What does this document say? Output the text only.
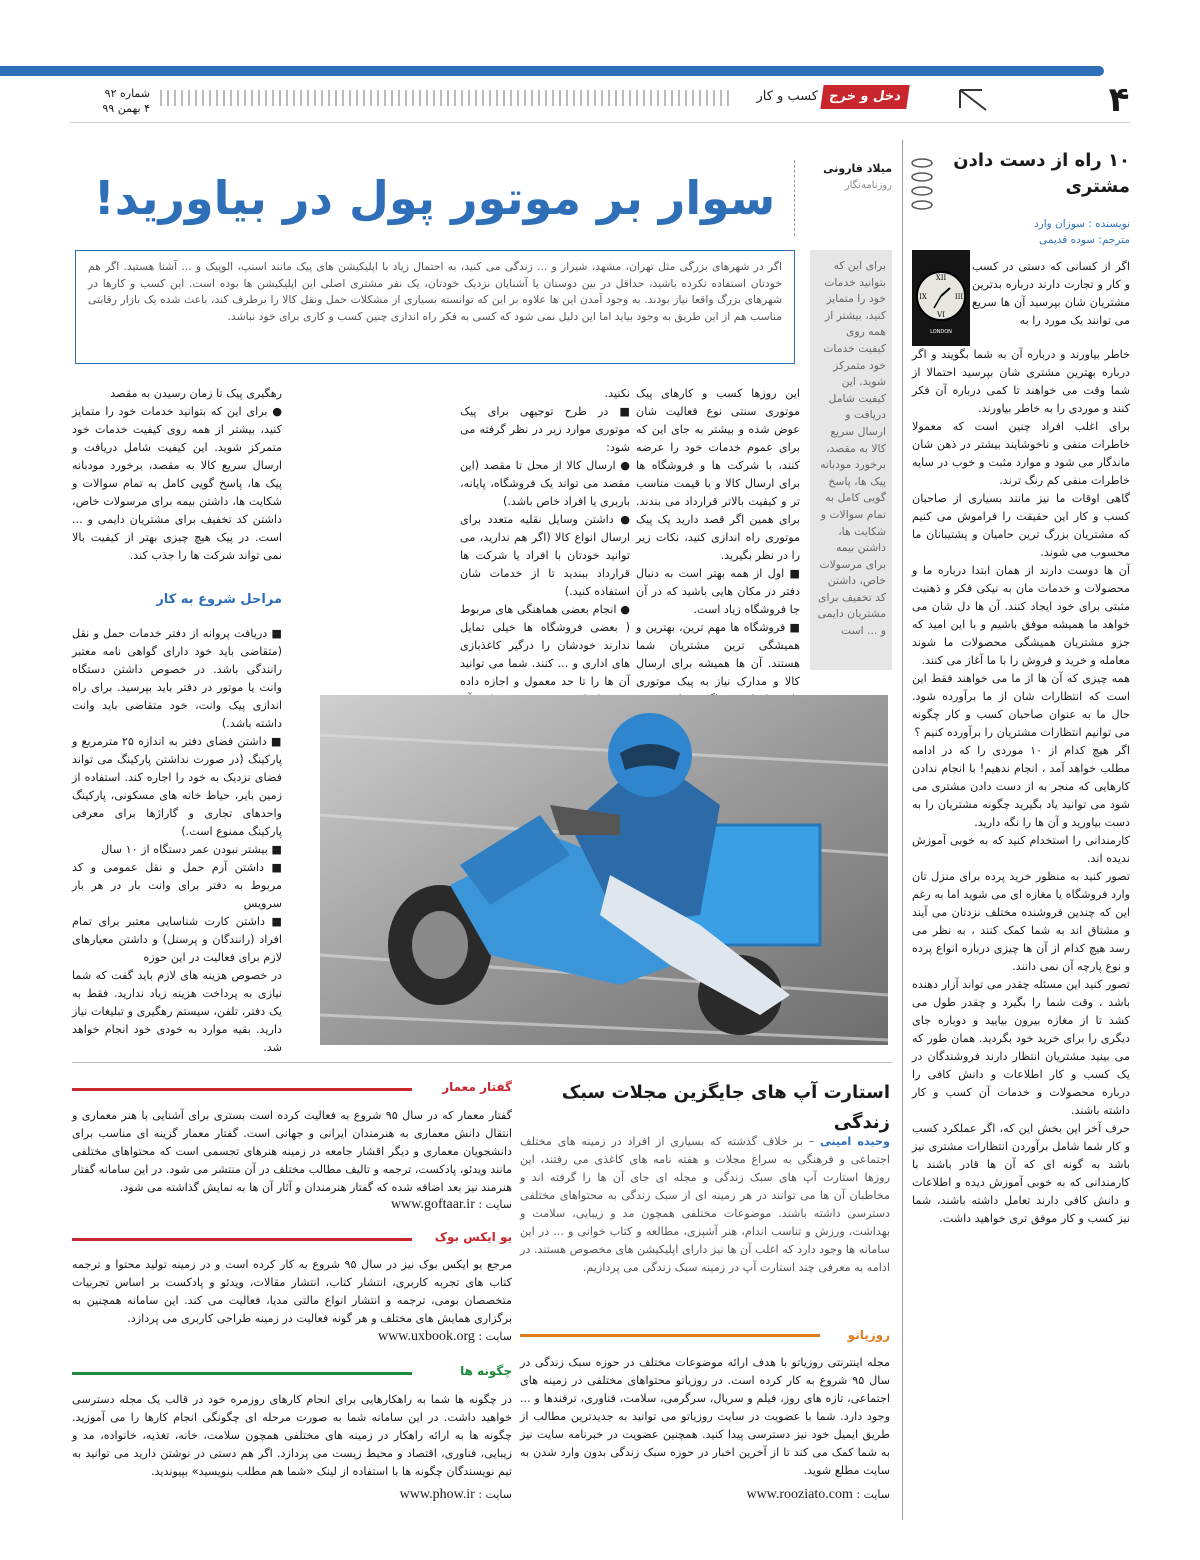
۴
دخل و خرج
کسب و کار
شماره ۹۲
۴ بهمن ۹۹
۱۰ راه از دست دادن مشتری
نویسنده : سوزان وارد
مترجم: سوده قدیمی
XII
III
VI
IX
LONDON
اگر از کسانی که دستی در کسب و کار و تجارت دارند درباره بدترین مشتریان شان بپرسید آن ها سریع می توانند یک مورد را به
خاطر بیاورند و درباره آن به شما بگویند و اگر درباره بهترین مشتری شان بپرسید احتمالا از شما وقت می خواهند تا کمی درباره آن فکر کنند و موردی را به خاطر بیاورند.
برای اغلب افراد چنین است که معمولا خاطرات منفی و ناخوشایند بیشتر در ذهن شان ماندگار می شود و موارد مثبت و خوب در سایه خاطرات منفی کم رنگ ترند.
گاهی اوقات ما نیز مانند بسیاری از صاحبان کسب و کار این حقیقت را فراموش می کنیم که مشتریان بزرگ ترین حامیان و پشتیبانان ما محسوب می شوند.
آن ها دوست دارند از همان ابتدا درباره ما و محصولات و خدمات مان به نیکی فکر و ذهنیت مثبتی برای خود ایجاد کنند. آن ها دل شان می خواهد ما همیشه موفق باشیم و با این امید که جزو مشتریان همیشگی محصولات ما شوند معامله و خرید و فروش را با ما آغاز می کنند.
همه چیزی که آن ها از ما می خواهند فقط این است که انتظارات شان از ما برآورده شود. حال ما به عنوان صاحبان کسب و کار چگونه می توانیم انتظارات مشتریان را برآورده کنیم ؟
اگر هیچ کدام از ۱۰ موردی را که در ادامه مطلب خواهد آمد ، انجام ندهیم! با انجام ندادن کارهایی که منجر به از دست دادن مشتری می شود می توانید یاد بگیرید چگونه مشتریان را به دست بیاورید و آن ها را نگه دارید.
کارمندانی را استخدام کنید که به خوبی آموزش ندیده اند.
تصور کنید به منظور خرید پرده برای منزل تان وارد فروشگاه یا مغازه ای می شوید اما به رغم این که چندین فروشنده مختلف نزدتان می آیند و مشتاق اند به شما کمک کنند ، به نظر می رسد هیچ کدام از آن ها چیزی درباره انواع پرده و نوع پارچه آن نمی دانند.
تصور کنید این مسئله چقدر می تواند آزار دهنده باشد ، وقت شما را بگیرد و چقدر طول می کشد تا از مغازه بیرون بیایید و دوباره جای دیگری را برای خرید خود بگردید. همان طور که می بینید مشتریان انتظار دارند فروشندگان در یک کسب و کار اطلاعات و دانش کافی را درباره محصولات و خدمات آن کسب و کار داشته باشند.
حرف آخر این بخش این که، اگر عملکرد کسب و کار شما شامل برآوردن انتظارات مشتری نیز باشد به گونه ای که آن ها قادر باشند با کارمندانی که به خوبی آموزش دیده و اطلاعات و دانش کافی دارند تعامل داشته باشند، شما نیز کسب و کار موفق تری خواهید داشت.
میلاد قارونی
روزنامه‌نگار
سوار بر موتور پول در بیاورید!
اگر در شهرهای بزرگی مثل تهران، مشهد، شیراز و ... زندگی می کنید، به احتمال زیاد با اپلیکیشن های پیک مانند اسنپ، الوپیک و ... آشنا هستید. اگر هم خودتان استفاده نکرده باشید، حداقل در بین دوستان یا آشنایان نزدیک خودتان، یک نفر مشتری اصلی این اپلیکیشن ها بوده است. این کسب و کارها در شهرهای بزرگ واقعا نیاز بودند. به وجود آمدن این ها علاوه بر این که توانسته بسیاری از مشکلات حمل ونقل کالا را برطرف کند، باعث شده یک بازار رقابتی مناسب هم از این طریق به وجود بیاید اما این دلیل نمی شود که کسی به فکر راه اندازی چنین کسب و کاری برای خود نباشد.
برای این که بتوانید خدمات خود را متمایز کنید، بیشتر از همه روی کیفیت خدمات خود متمرکز شوید. این کیفیت شامل دریافت و ارسال سریع کالا به مقصد، برخورد مودبانه پیک ها، پاسخ گویی کامل به تمام سوالات و شکایت ها، داشتن بیمه برای مرسولات خاص، داشتن کد تخفیف برای مشتریان دایمی و ... است
این روزها کسب و کارهای پیک موتوری سنتی نوع فعالیت شان عوض شده و بیشتر به جای این که برای عموم خدمات خود را عرضه کنند، با شرکت ها و فروشگاه ها برای ارسال کالا و با قیمت مناسب تر و کیفیت بالاتر قرارداد می بندند. برای همین اگر قصد دارید یک پیک موتوری راه اندازی کنید، نکات زیر را در نظر بگیرید.
■ اول از همه بهتر است به دنبال دفتر در مکان هایی باشید که در آن جا فروشگاه زیاد است.
■ فروشگاه ها مهم ترین، بهترین و همیشگی ترین مشتریان شما هستند. آن ها همیشه برای ارسال کالا و مدارک نیاز به پیک موتوری

نکنید.
■ در طرح توجیهی برای پیک موتوری موارد زیر در نظر گرفته می شود:
● ارسال کالا از محل تا مقصد (این مقصد می تواند یک فروشگاه، پایانه، باربری یا افراد خاص باشد.)
● داشتن وسایل نقلیه متعدد برای ارسال انواع کالا (اگر هم ندارید، می توانید خودتان با افراد یا شرکت ها قرارداد ببندید تا از خدمات شان استفاده کنید.)
● انجام بعضی هماهنگی های مربوط ( بعضی فروشگاه ها خیلی تمایل ندارند خودشان را درگیر کاغذبازی های اداری و ... کنند. شما می توانید آن ها را تا حد معمول و اجازه داده

رهگیری پیک تا زمان رسیدن به مقصد
● برای این که بتوانید خدمات خود را متمایز کنید، بیشتر از همه روی کیفیت خدمات خود متمرکز شوید. این کیفیت شامل دریافت و ارسال سریع کالا به مقصد، برخورد مودبانه پیک ها، پاسخ گویی کامل به تمام سوالات و شکایت ها، داشتن بیمه برای مرسولات خاص، داشتن کد تخفیف برای مشتریان دایمی و ... است. در پیک هیچ چیزی بهتر از کیفیت بالا نمی تواند شرکت ها را جذب کند.
مراحل شروع به کار
■ دریافت پروانه از دفتر خدمات حمل و نقل (متقاضی باید خود دارای گواهی نامه معتبر رانندگی باشد. در خصوص داشتن دستگاه وانت یا موتور در دفتر باید بپرسید. برای راه اندازی پیک وانت، خود متقاضی باید وانت داشته باشد.)
■ داشتن فضای دفتر به اندازه ۲۵ مترمربع و پارکینگ (در صورت نداشتن پارکینگ می تواند فضای نزدیک به خود را اجاره کند. استفاده از زمین بایر، حیاط خانه های مسکونی، پارکینگ واحدهای تجاری و گاراژها برای معرفی پارکینگ ممنوع است.)
■ بیشتر نبودن عمر دستگاه از ۱۰ سال
■ داشتن آرم حمل و نقل عمومی و کد مربوط به دفتر برای وانت بار در هر بار سرویس
■ داشتن کارت شناسایی معتبر برای تمام افراد (رانندگان و پرسنل) و داشتن معیارهای لازم برای فعالیت در این حوزه
در خصوص هزینه های لازم باید گفت که شما نیازی به پرداخت هزینه زیاد ندارید. فقط به یک دفتر، تلفن، سیستم رهگیری و تبلیغات نیاز دارید. بقیه موارد به خودی خود انجام خواهد شد.
استارت آپ های جایگزین مجلات سبک زندگی
وحیده امینی – بر خلاف گذشته که بسیاری از افراد در زمینه های مختلف اجتماعی و فرهنگی به سراغ مجلات و هفته نامه های کاغذی می رفتند، این روزها استارت آپ های سبک زندگی و مجله ای جای آن ها را گرفته اند و مخاطبان آن ها می توانند در هر زمینه ای از سبک زندگی به محتواهای مختلفی دسترسی داشته باشند. موضوعات مختلفی همچون مد و زیبایی، سلامت و بهداشت، ورزش و تناسب اندام، هنر آشپزی، مطالعه و کتاب خوانی و ... در این سامانه ها وجود دارد که اغلب آن ها نیز دارای اپلیکیشن های مخصوص هستند. در ادامه به معرفی چند استارت آپ در زمینه سبک زندگی می پردازیم.
روزیاتو
مجله اینترنتی روزیاتو با هدف ارائه موضوعات مختلف در حوزه سبک زندگی در سال ۹۵ شروع به کار کرده است. در روزیاتو محتواهای مختلفی در زمینه های اجتماعی، تازه های روز، فیلم و سریال، سرگرمی، سلامت، فناوری، ترفندها و ... وجود دارد. شما با عضویت در سایت روزیاتو می توانید به جدیدترین مطالب از طریق ایمیل خود نیز دسترسی پیدا کنید. همچنین عضویت در خبرنامه سایت نیز به شما کمک می کند تا از آخرین اخبار در حوزه سبک زندگی بدون وارد شدن به سایت مطلع شوید.
سایت : www.rooziato.com
گفتار معمار
گفتار معمار که در سال ۹۵ شروع به فعالیت کرده است بستری برای آشنایی با هنر معماری و انتقال دانش معماری به هنرمندان ایرانی و جهانی است. گفتار معمار گزینه ای مناسب برای دانشجویان معماری و دیگر اقشار جامعه در زمینه هنرهای تجسمی است که محتواهای مختلفی مانند ویدئو، پادکست، ترجمه و تالیف مطالب مختلف در آن منتشر می شود. در این سامانه گفتار هنرمند نیز بعد اضافه شده که گفتار هنرمندان و آثار آن ها به نمایش گذاشته می شود.
سایت : www.goftaar.ir
یو ایکس بوک
مرجع یو ایکس بوک نیز در سال ۹۵ شروع به کار کرده است و در زمینه تولید محتوا و ترجمه کتاب های تجربه کاربری، انتشار کتاب، انتشار مقالات، ویدئو و پادکست بر اساس تجربیات متخصصان بومی، ترجمه و انتشار انواع مالتی مدیا، فعالیت می کند. این سامانه همچنین به برگزاری همایش های مختلف و هر گونه فعالیت در زمینه طراحی کاربری می پردازد.
سایت : www.uxbook.org
چگونه ها
در چگونه ها شما به راهکارهایی برای انجام کارهای روزمره خود در قالب یک مجله دسترسی خواهید داشت. در این سامانه شما به صورت مرحله ای چگونگی انجام کارها را می آموزید. چگونه ها به ارائه راهکار در زمینه های مختلفی همچون سلامت، خانه، تغذیه، خانواده، مد و زیبایی، فناوری، اقتصاد و محیط زیست می پردازد. اگر هم دستی در نوشتن دارید می توانید به تیم نویسندگان چگونه ها با استفاده از لینک «شما هم مطلب بنویسید» بپیوندید.
سایت : www.phow.ir
